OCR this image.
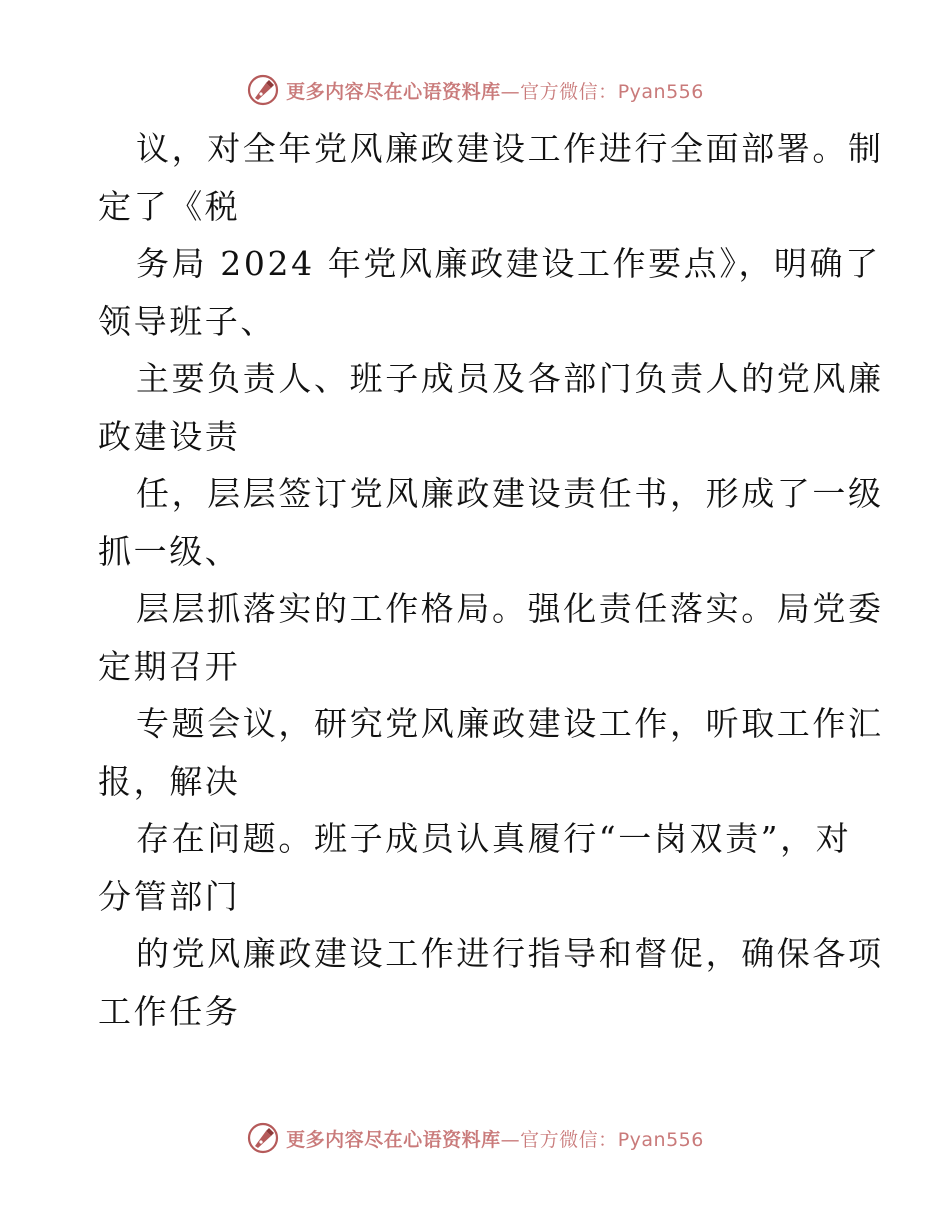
更多内容尽在心语资料库—官方微信：Pyan556
议，对全年党风廉政建设工作进行全面部署。制
定了《税
务局 2024 年党风廉政建设工作要点》，明确了
领导班子、
主要负责人、班子成员及各部门负责人的党风廉
政建设责
任，层层签订党风廉政建设责任书，形成了一级
抓一级、
层层抓落实的工作格局。强化责任落实。局党委
定期召开
专题会议，研究党风廉政建设工作，听取工作汇
报，解决
存在问题。班子成员认真履行“一岗双责”，对
分管部门
的党风廉政建设工作进行指导和督促，确保各项
工作任务
更多内容尽在心语资料库—官方微信：Pyan556
